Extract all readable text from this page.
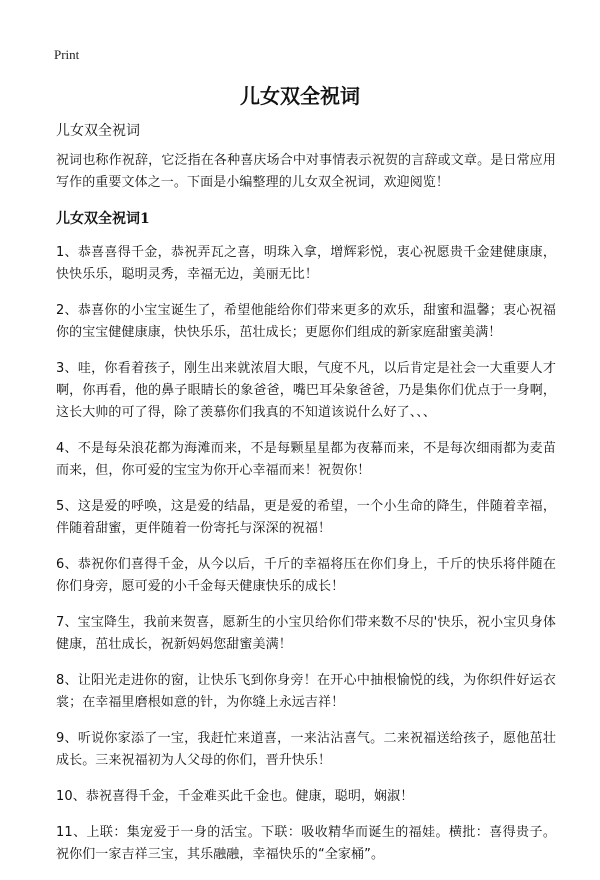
Print
儿女双全祝词
儿女双全祝词

祝词也称作祝辞，它泛指在各种喜庆场合中对事情表示祝贺的言辞或文章。是日常应用写作的重要文体之一。下面是小编整理的儿女双全祝词，欢迎阅览！

儿女双全祝词1

1、恭喜喜得千金，恭祝弄瓦之喜，明珠入拿，增辉彩悦，衷心祝愿贵千金建健康康，快快乐乐，聪明灵秀，幸福无边，美丽无比！

2、恭喜你的小宝宝诞生了，希望他能给你们带来更多的欢乐，甜蜜和温馨；衷心祝福你的宝宝健健康康，快快乐乐，茁壮成长；更愿你们组成的新家庭甜蜜美满！

3、哇，你看着孩子，刚生出来就浓眉大眼，气度不凡，以后肯定是社会一大重要人才啊，你再看，他的鼻子眼睛长的象爸爸，嘴巴耳朵象爸爸，乃是集你们优点于一身啊，这长大帅的可了得，除了羡慕你们我真的不知道该说什么好了、、、

4、不是每朵浪花都为海滩而来，不是每颗星星都为夜幕而来，不是每次细雨都为麦苗而来，但，你可爱的宝宝为你开心幸福而来！祝贺你！

5、这是爱的呼唤，这是爱的结晶，更是爱的希望，一个小生命的降生，伴随着幸福，伴随着甜蜜，更伴随着一份寄托与深深的祝福！

6、恭祝你们喜得千金，从今以后，千斤的幸福将压在你们身上，千斤的快乐将伴随在你们身旁，愿可爱的小千金每天健康快乐的成长！

7、宝宝降生，我前来贺喜，愿新生的小宝贝给你们带来数不尽的'快乐，祝小宝贝身体健康，茁壮成长，祝新妈妈您甜蜜美满！

8、让阳光走进你的窗，让快乐飞到你身旁！在开心中抽根愉悦的线，为你织件好运衣裳；在幸福里磨根如意的针，为你缝上永远吉祥！

9、听说你家添了一宝，我赶忙来道喜，一来沾沾喜气。二来祝福送给孩子，愿他茁壮成长。三来祝福初为人父母的你们，晋升快乐！

10、恭祝喜得千金，千金难买此千金也。健康，聪明，娴淑！

11、上联：集宠爱于一身的活宝。下联：吸收精华而诞生的福娃。横批：喜得贵子。祝你们一家吉祥三宝，其乐融融，幸福快乐的“全家桶”。
